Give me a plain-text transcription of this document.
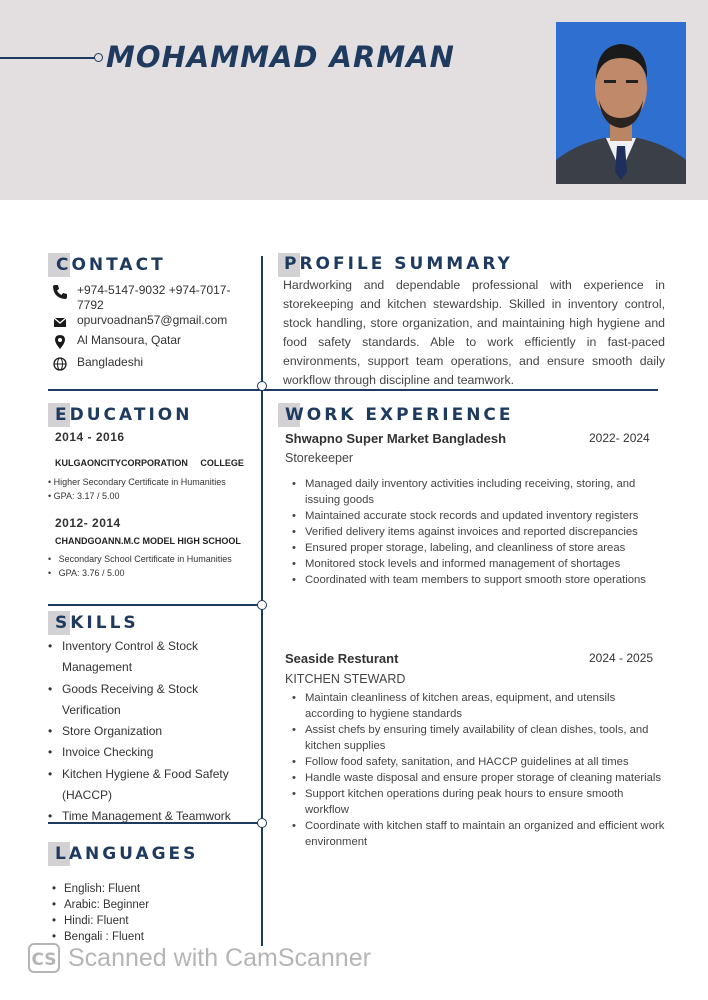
MOHAMMAD ARMAN
CONTACT
+974-5147-9032 +974-7017-7792
opurvoadnan57@gmail.com
Al Mansoura, Qatar
Bangladeshi
PROFILE SUMMARY
Hardworking and dependable professional with experience in storekeeping and kitchen stewardship. Skilled in inventory control, stock handling, store organization, and maintaining high hygiene and food safety standards. Able to work efficiently in fast-paced environments, support team operations, and ensure smooth daily workflow through discipline and teamwork.
EDUCATION
2014 - 2016
KULGAONCITYCORPORATION     COLLEGE
• Higher Secondary Certificate in Humanities
• GPA: 3.17 / 5.00
2012- 2014
CHANDGOANN.M.C MODEL HIGH SCHOOL
•   Secondary School Certificate in Humanities
•   GPA: 3.76 / 5.00
SKILLS
• Inventory Control & Stock Management
• Goods Receiving & Stock Verification
• Store Organization
• Invoice Checking
• Kitchen Hygiene & Food Safety (HACCP)
• Time Management & Teamwork
LANGUAGES
• English: Fluent
• Arabic: Beginner
• Hindi: Fluent
• Bengali : Fluent
WORK EXPERIENCE
Shwapno Super Market Bangladesh	2022- 2024
Storekeeper
• Managed daily inventory activities including receiving, storing, and issuing goods
• Maintained accurate stock records and updated inventory registers
• Verified delivery items against invoices and reported discrepancies
• Ensured proper storage, labeling, and cleanliness of store areas
• Monitored stock levels and informed management of shortages
• Coordinated with team members to support smooth store operations
Seaside Resturant	2024 - 2025
KITCHEN STEWARD
• Maintain cleanliness of kitchen areas, equipment, and utensils according to hygiene standards
• Assist chefs by ensuring timely availability of clean dishes, tools, and kitchen supplies
• Follow food safety, sanitation, and HACCP guidelines at all times
• Handle waste disposal and ensure proper storage of cleaning materials
• Support kitchen operations during peak hours to ensure smooth workflow
• Coordinate with kitchen staff to maintain an organized and efficient work environment
CS Scanned with CamScanner
